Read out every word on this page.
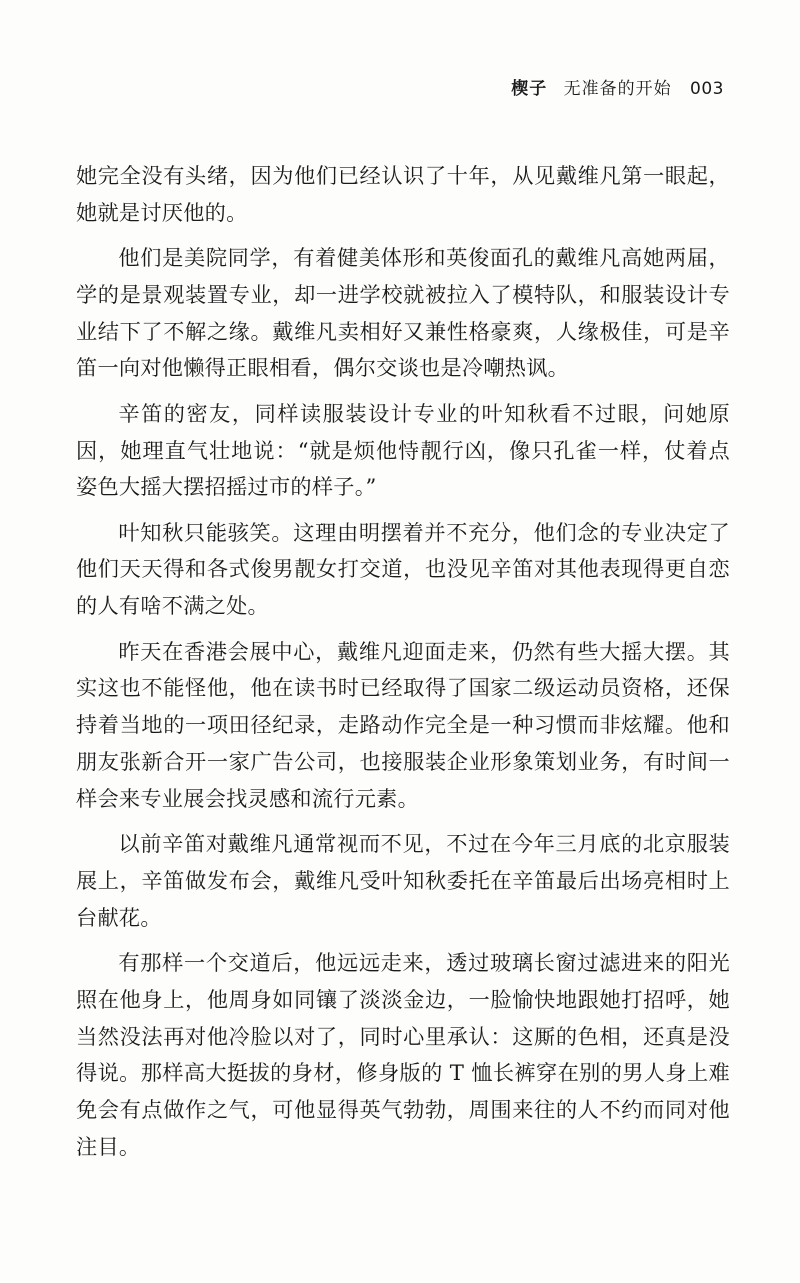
楔子 无准备的开始 003

她完全没有头绪，因为他们已经认识了十年，从见戴维凡第一眼起，她就是讨厌他的。

他们是美院同学，有着健美体形和英俊面孔的戴维凡高她两届，学的是景观装置专业，却一进学校就被拉入了模特队，和服装设计专业结下了不解之缘。戴维凡卖相好又兼性格豪爽，人缘极佳，可是辛笛一向对他懒得正眼相看，偶尔交谈也是冷嘲热讽。

辛笛的密友，同样读服装设计专业的叶知秋看不过眼，问她原因，她理直气壮地说：“就是烦他恃靓行凶，像只孔雀一样，仗着点姿色大摇大摆招摇过市的样子。”

叶知秋只能骇笑。这理由明摆着并不充分，他们念的专业决定了他们天天得和各式俊男靓女打交道，也没见辛笛对其他表现得更自恋的人有啥不满之处。

昨天在香港会展中心，戴维凡迎面走来，仍然有些大摇大摆。其实这也不能怪他，他在读书时已经取得了国家二级运动员资格，还保持着当地的一项田径纪录，走路动作完全是一种习惯而非炫耀。他和朋友张新合开一家广告公司，也接服装企业形象策划业务，有时间一样会来专业展会找灵感和流行元素。

以前辛笛对戴维凡通常视而不见，不过在今年三月底的北京服装展上，辛笛做发布会，戴维凡受叶知秋委托在辛笛最后出场亮相时上台献花。

有那样一个交道后，他远远走来，透过玻璃长窗过滤进来的阳光照在他身上，他周身如同镶了淡淡金边，一脸愉快地跟她打招呼，她当然没法再对他冷脸以对了，同时心里承认：这厮的色相，还真是没得说。那样高大挺拔的身材，修身版的 T 恤长裤穿在别的男人身上难免会有点做作之气，可他显得英气勃勃，周围来往的人不约而同对他注目。
